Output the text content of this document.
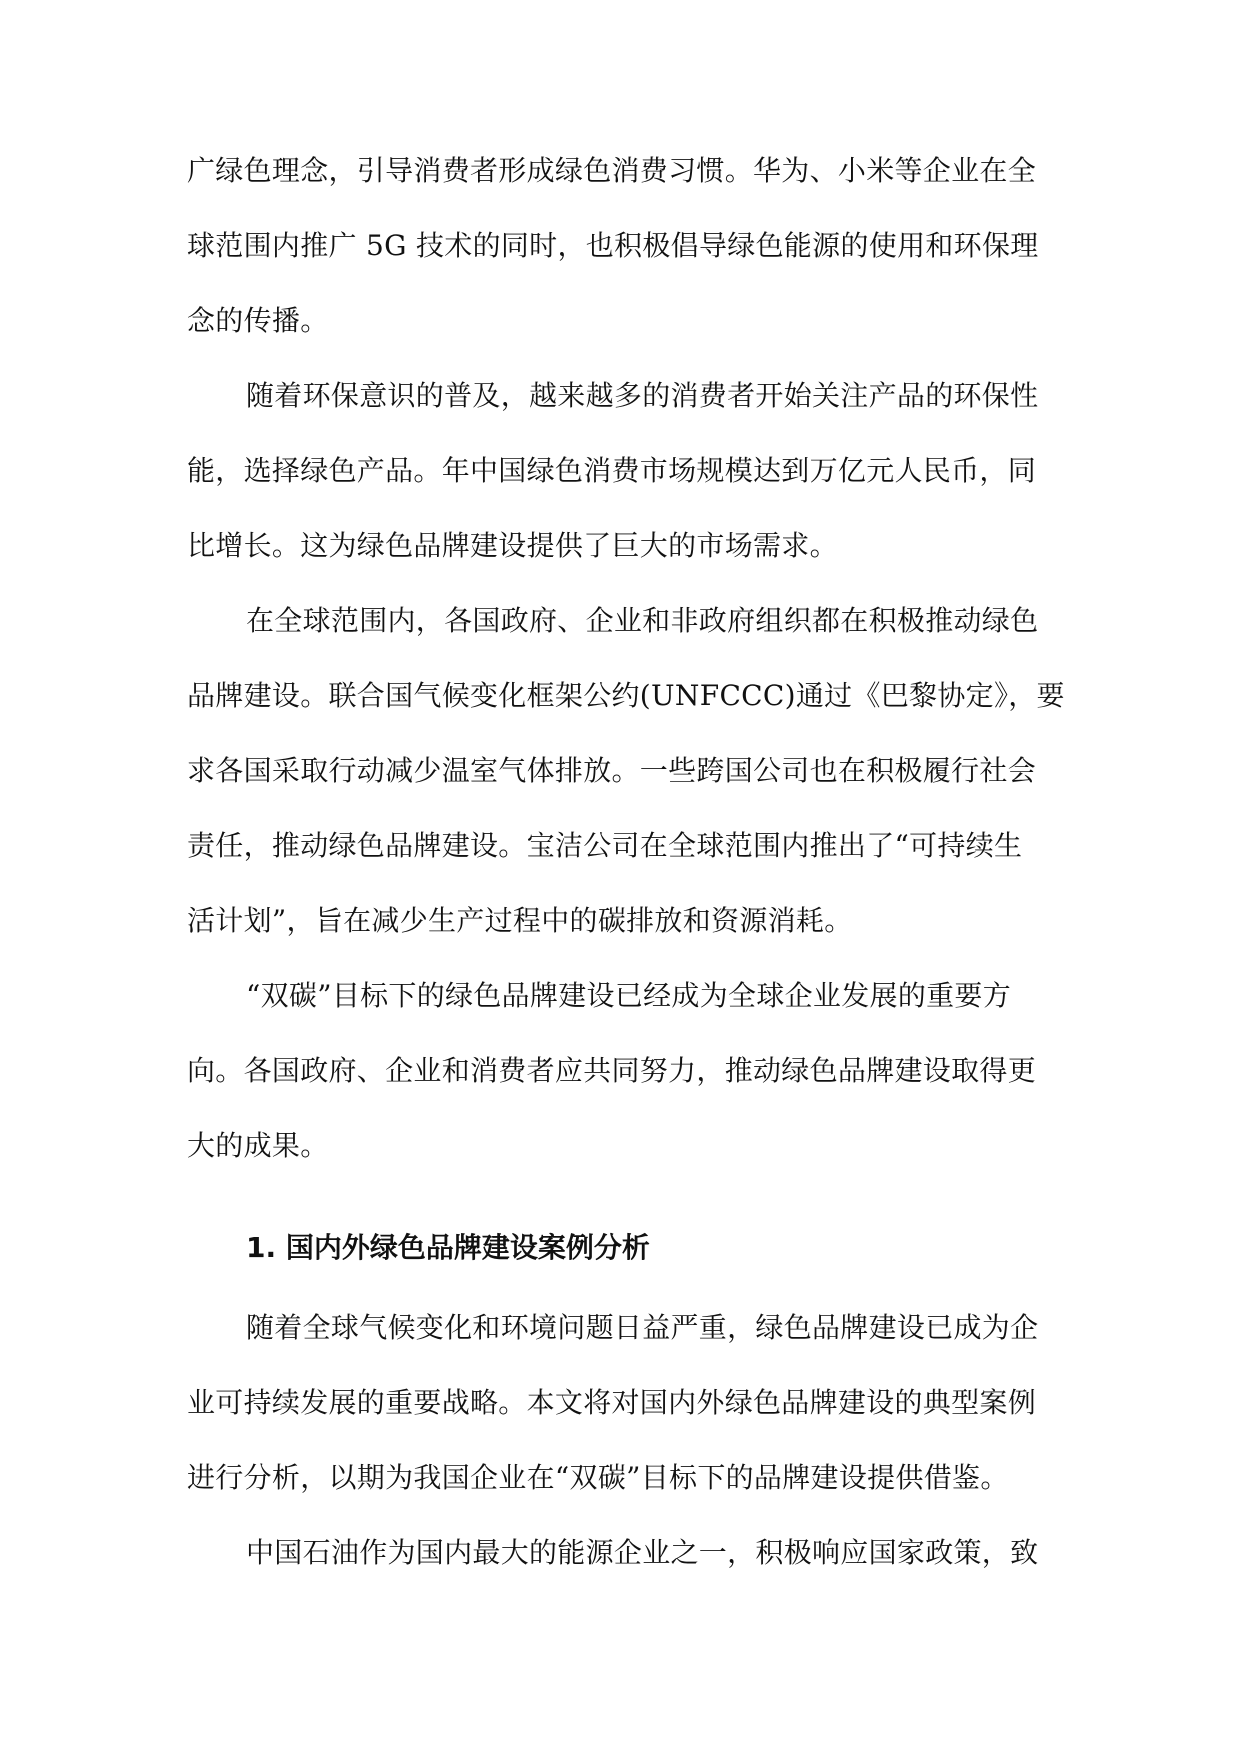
广绿色理念，引导消费者形成绿色消费习惯。华为、小米等企业在全
球范围内推广 5G 技术的同时，也积极倡导绿色能源的使用和环保理
念的传播。
随着环保意识的普及，越来越多的消费者开始关注产品的环保性
能，选择绿色产品。年中国绿色消费市场规模达到万亿元人民币，同
比增长。这为绿色品牌建设提供了巨大的市场需求。
在全球范围内，各国政府、企业和非政府组织都在积极推动绿色
品牌建设。联合国气候变化框架公约(UNFCCC)通过《巴黎协定》，要
求各国采取行动减少温室气体排放。一些跨国公司也在积极履行社会
责任，推动绿色品牌建设。宝洁公司在全球范围内推出了“可持续生
活计划”，旨在减少生产过程中的碳排放和资源消耗。
“双碳”目标下的绿色品牌建设已经成为全球企业发展的重要方
向。各国政府、企业和消费者应共同努力，推动绿色品牌建设取得更
大的成果。
1. 国内外绿色品牌建设案例分析
随着全球气候变化和环境问题日益严重，绿色品牌建设已成为企
业可持续发展的重要战略。本文将对国内外绿色品牌建设的典型案例
进行分析，以期为我国企业在“双碳”目标下的品牌建设提供借鉴。
中国石油作为国内最大的能源企业之一，积极响应国家政策，致
